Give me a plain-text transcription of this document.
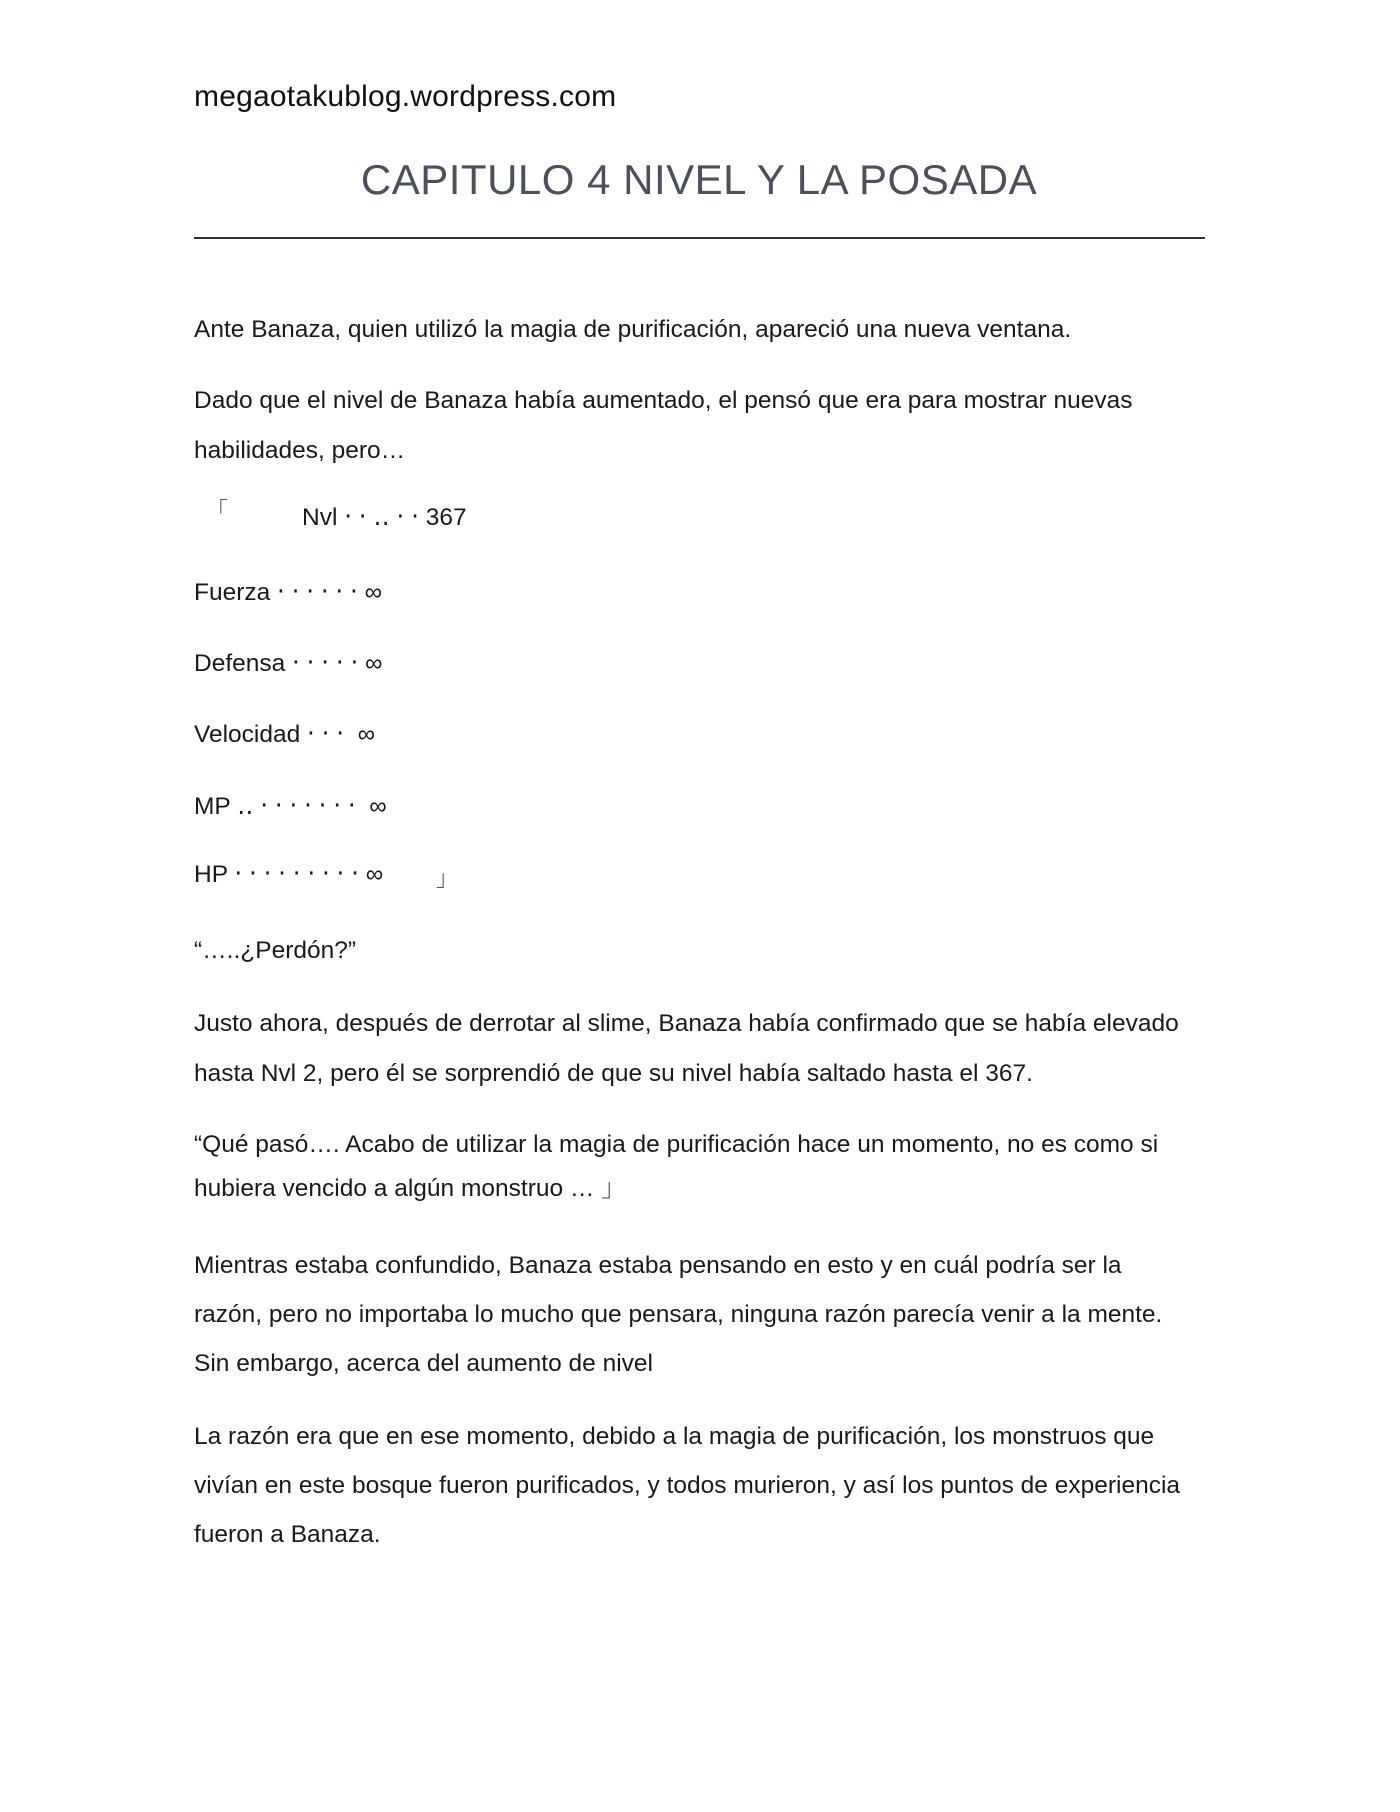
megaotakublog.wordpress.com
CAPITULO 4 NIVEL Y LA POSADA
Ante Banaza, quien utilizó la magia de purificación, apareció una nueva ventana.
Dado que el nivel de Banaza había aumentado, el pensó que era para mostrar nuevas
habilidades, pero…
「	Nvl ‧ ‧ ‥ ‧ ‧ 367
Fuerza ‧ ‧ ‧ ‧ ‧ ‧ ∞
Defensa ‧ ‧ ‧ ‧ ‧ ∞
Velocidad ‧ ‧ ‧  ∞
MP ‥ ‧ ‧ ‧ ‧ ‧ ‧ ‧  ∞
HP ‧ ‧ ‧ ‧ ‧ ‧ ‧ ‧ ‧ ∞ 」
“…..¿Perdón?”
Justo ahora, después de derrotar al slime, Banaza había confirmado que se había elevado
hasta Nvl 2, pero él se sorprendió de que su nivel había saltado hasta el 367.
“Qué pasó…. Acabo de utilizar la magia de purificación hace un momento, no es como si
hubiera vencido a algún monstruo … 」
Mientras estaba confundido, Banaza estaba pensando en esto y en cuál podría ser la
razón, pero no importaba lo mucho que pensara, ninguna razón parecía venir a la mente.
Sin embargo, acerca del aumento de nivel
La razón era que en ese momento, debido a la magia de purificación, los monstruos que
vivían en este bosque fueron purificados, y todos murieron, y así los puntos de experiencia
fueron a Banaza.
